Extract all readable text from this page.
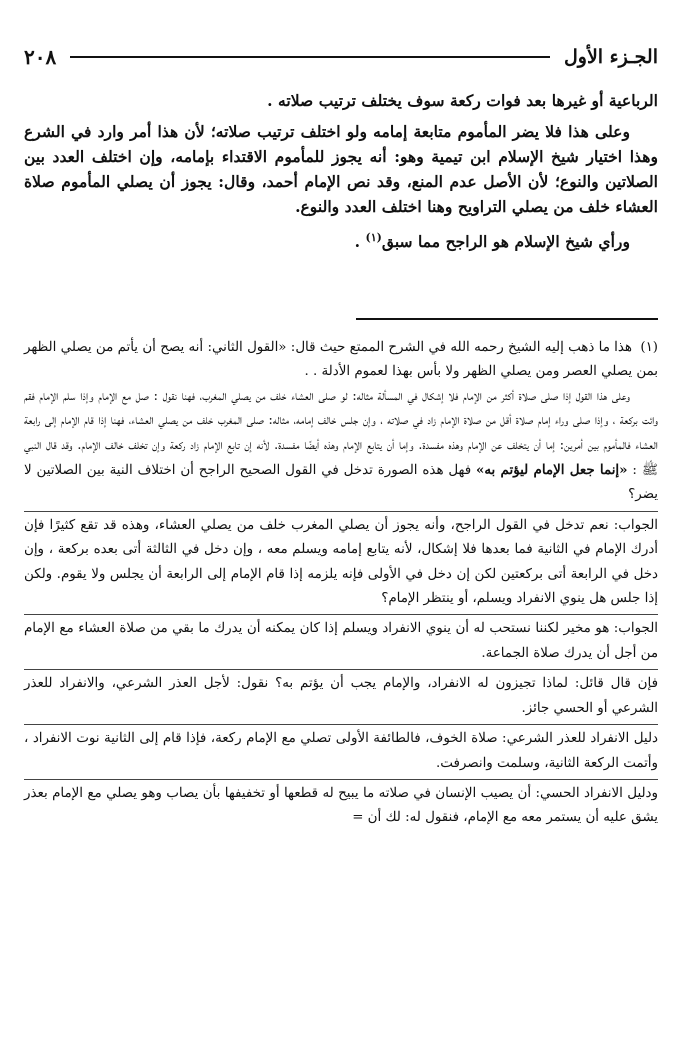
٢٠٨	الجـزء الأول

الرباعية أو غيرها بعد فوات ركعة سوف يختلف ترتيب صلاته .

وعلى هذا فلا يضر المأموم متابعة إمامه ولو اختلف ترتيب صلاته؛ لأن هذا أمر وارد في الشرع وهذا اختيار شيخ الإسلام ابن تيمية وهو: أنه يجوز للمأموم الاقتداء بإمامه، وإن اختلف العدد بين الصلاتين والنوع؛ لأن الأصل عدم المنع، وقد نص الإمام أحمد، وقال: يجوز أن يصلي المأموم صلاة العشاء خلف من يصلي التراويح وهنا اختلف العدد والنوع.

ورأي شيخ الإسلام هو الراجح مما سبق$^{(١)}$ .

(١)هذا ما ذهب إليه الشيخ رحمه الله في الشرح الممتع حيث قال: «القول الثاني: أنه يصح أن يأتم من يصلي الظهر بمن يصلي العصر ومن يصلي الظهر ولا بأس بهذا لعموم الأدلة . .

وعلى هذا القول إذا صلى صلاة أكثر من الإمام فلا إشكال في المسألة مثاله: لو صلى العشاء خلف من يصلي المغرب، فهنا نقول : صل مع الإمام وإذا سلم الإمام فقم وائت بركعة ، وإذا صلى وراء إمام صلاة أقل من صلاة الإمام زاد في صلاته ، وإن جلس خالف إمامه، مثاله: صلى المغرب خلف من يصلي العشاء، فهنا إذا قام الإمام إلى رابعة العشاء فالمأموم بين أمرين: إما أن يتخلف عن الإمام وهذه مفسدة. وإما أن يتابع الإمام وهذه أيضًا مفسدة. لأنه إن تابع الإمام زاد ركعة وإن تخلف خالف الإمام. وقد قال النبي ﷺ : «إنما جعل الإمام ليؤتم به» فهل هذه الصورة تدخل في القول الصحيح الراجح أن اختلاف النية بين الصلاتين لا يضر؟

الجواب: نعم تدخل في القول الراجح، وأنه يجوز أن يصلي المغرب خلف من يصلي العشاء، وهذه قد تقع كثيرًا فإن أدرك الإمام في الثانية فما بعدها فلا إشكال، لأنه يتابع إمامه ويسلم معه ، وإن دخل في الثالثة أتى بعده بركعة ، وإن دخل في الرابعة أتى بركعتين لكن إن دخل في الأولى فإنه يلزمه إذا قام الإمام إلى الرابعة أن يجلس ولا يقوم. ولكن إذا جلس هل ينوي الانفراد ويسلم، أو ينتظر الإمام؟

الجواب: هو مخير لكننا نستحب له أن ينوي الانفراد ويسلم إذا كان يمكنه أن يدرك ما بقي من صلاة العشاء مع الإمام من أجل أن يدرك صلاة الجماعة.

فإن قال قائل: لماذا تجيزون له الانفراد، والإمام يجب أن يؤتم به؟ نقول: لأجل العذر الشرعي، والانفراد للعذر الشرعي أو الحسي جائز.

دليل الانفراد للعذر الشرعي: صلاة الخوف، فالطائفة الأولى تصلي مع الإمام ركعة، فإذا قام إلى الثانية نوت الانفراد ، وأتمت الركعة الثانية، وسلمت وانصرفت.

ودليل الانفراد الحسي: أن يصيب الإنسان في صلاته ما يبيح له قطعها أو تخفيفها بأن يصاب وهو يصلي مع الإمام بعذر يشق عليه أن يستمر معه مع الإمام، فنقول له: لك أن =
